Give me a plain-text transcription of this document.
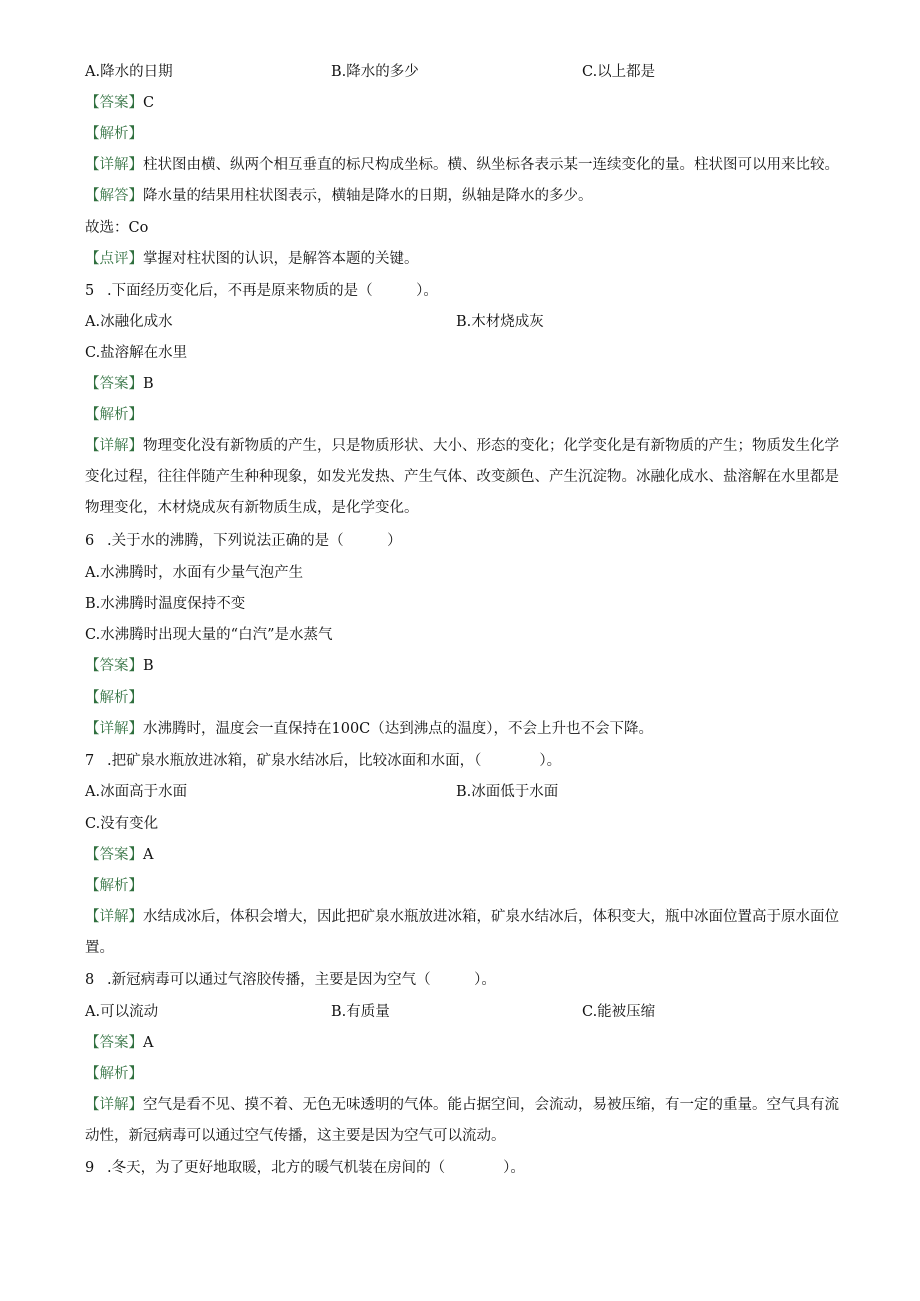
A.降水的日期	B.降水的多少	C.以上都是
【答案】C
【解析】
【详解】柱状图由横、纵两个相互垂直的标尺构成坐标。横、纵坐标各表示某一连续变化的量。柱状图可以用来比较。
【解答】降水量的结果用柱状图表示，横轴是降水的日期，纵轴是降水的多少。
故选：Co
【点评】掌握对柱状图的认识，是解答本题的关键。
5 .下面经历变化后，不再是原来物质的是（　　　）。
A.冰融化成水	B.木材烧成灰
C.盐溶解在水里
【答案】B
【解析】
【详解】物理变化没有新物质的产生，只是物质形状、大小、形态的变化；化学变化是有新物质的产生；物质发生化学变化过程，往往伴随产生种种现象，如发光发热、产生气体、改变颜色、产生沉淀物。冰融化成水、盐溶解在水里都是物理变化，木材烧成灰有新物质生成，是化学变化。
6 .关于水的沸腾，下列说法正确的是（　　　）
A.水沸腾时，水面有少量气泡产生
B.水沸腾时温度保持不变
C.水沸腾时出现大量的“白汽”是水蒸气
【答案】B
【解析】
【详解】水沸腾时，温度会一直保持在100C（达到沸点的温度），不会上升也不会下降。
7 .把矿泉水瓶放进冰箱，矿泉水结冰后，比较冰面和水面，（　　　　）。
A.冰面高于水面	B.冰面低于水面
C.没有变化
【答案】A
【解析】
【详解】水结成冰后，体积会增大，因此把矿泉水瓶放进冰箱，矿泉水结冰后，体积变大，瓶中冰面位置高于原水面位置。
8 .新冠病毒可以通过气溶胶传播，主要是因为空气（　　　）。
A.可以流动	B.有质量	C.能被压缩
【答案】A
【解析】
【详解】空气是看不见、摸不着、无色无味透明的气体。能占据空间，会流动，易被压缩，有一定的重量。空气具有流动性，新冠病毒可以通过空气传播，这主要是因为空气可以流动。
9 .冬天，为了更好地取暖，北方的暖气机装在房间的（　　　　）。
